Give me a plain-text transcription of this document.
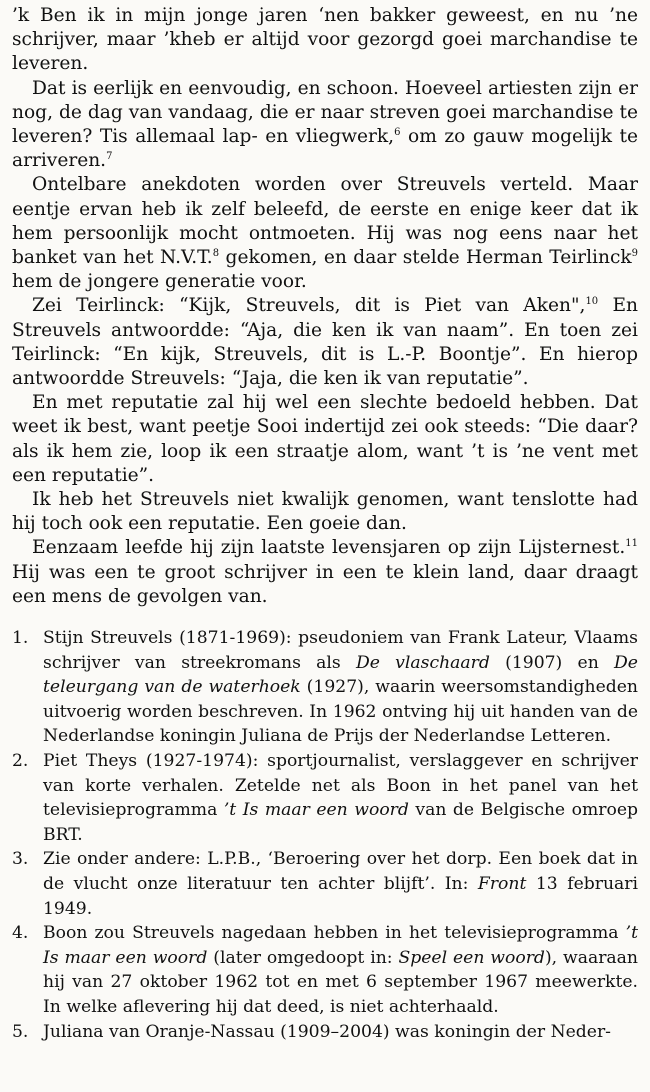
’k Ben ik in mijn jonge jaren ‘nen bakker geweest, en nu ’ne schrijver, maar ’kheb er altijd voor gezorgd goei marchandise te leveren.

Dat is eerlijk en eenvoudig, en schoon. Hoeveel artiesten zijn er nog, de dag van vandaag, die er naar streven goei marchandise te leveren? Tis allemaal lap- en vliegwerk,$^6$ om zo gauw mogelijk te arriveren.$^7$

Ontelbare anekdoten worden over Streuvels verteld. Maar eentje ervan heb ik zelf beleefd, de eerste en enige keer dat ik hem persoonlijk mocht ontmoeten. Hij was nog eens naar het banket van het N.V.T.$^8$ gekomen, en daar stelde Herman Teirlinck$^9$ hem de jongere generatie voor.

Zei Teirlinck: “Kijk, Streuvels, dit is Piet van Aken",$^{10}$ En Streuvels antwoordde: “Aja, die ken ik van naam”. En toen zei Teirlinck: “En kijk, Streuvels, dit is L.-P. Boontje”. En hierop antwoordde Streuvels: “Jaja, die ken ik van reputatie”.

En met reputatie zal hij wel een slechte bedoeld hebben. Dat weet ik best, want peetje Sooi indertijd zei ook steeds: “Die daar? als ik hem zie, loop ik een straatje alom, want ’t is ’ne vent met een reputatie”.

Ik heb het Streuvels niet kwalijk genomen, want tenslotte had hij toch ook een reputatie. Een goeie dan.

Eenzaam leefde hij zijn laatste levensjaren op zijn Lijsternest.$^{11}$ Hij was een te groot schrijver in een te klein land, daar draagt een mens de gevolgen van.

1. Stijn Streuvels (1871-1969): pseudoniem van Frank Lateur, Vlaams schrijver van streekromans als De vlaschaard (1907) en De teleurgang van de waterhoek (1927), waarin weersomstandigheden uitvoerig worden beschreven. In 1962 ontving hij uit handen van de Nederlandse koningin Juliana de Prijs der Nederlandse Letteren.
2. Piet Theys (1927-1974): sportjournalist, verslaggever en schrijver van korte verhalen. Zetelde net als Boon in het panel van het televisieprogramma ’t Is maar een woord van de Belgische omroep BRT.
3. Zie onder andere: L.P.B., ‘Beroering over het dorp. Een boek dat in de vlucht onze literatuur ten achter blijft’. In: Front 13 februari 1949.
4. Boon zou Streuvels nagedaan hebben in het televisieprogramma ’t Is maar een woord (later omgedoopt in: Speel een woord), waaraan hij van 27 oktober 1962 tot en met 6 september 1967 meewerkte. In welke aflevering hij dat deed, is niet achterhaald.
5. Juliana van Oranje-Nassau (1909–2004) was koningin der Neder-
